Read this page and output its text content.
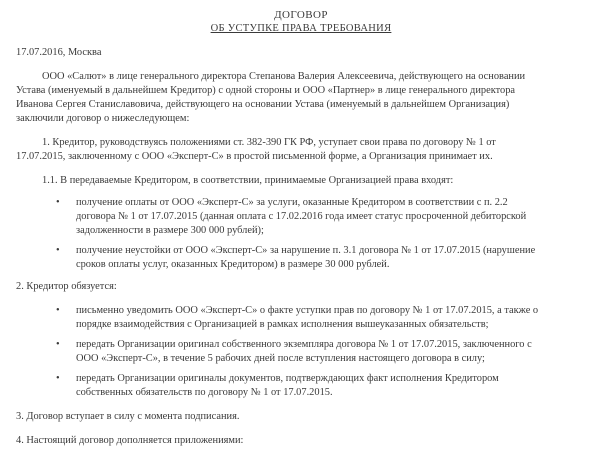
ДОГОВОР
ОБ УСТУПКЕ ПРАВА ТРЕБОВАНИЯ
17.07.2016, Москва
ООО «Салют» в лице генерального директора Степанова Валерия Алексеевича, действующего на основании
Устава (именуемый в дальнейшем Кредитор) с одной стороны и ООО «Партнер» в лице генерального директора
Иванова Сергея Станиславовича, действующего на основании Устава (именуемый в дальнейшем Организация)
заключили договор о нижеследующем:
1. Кредитор, руководствуясь положениями ст. 382-390 ГК РФ, уступает свои права по договору № 1 от
17.07.2015, заключенному с ООО «Эксперт-С» в простой письменной форме, а Организация принимает их.
1.1. В передаваемые Кредитором, в соответствии, принимаемые Организацией права входят:
• получение оплаты от ООО «Эксперт-С» за услуги, оказанные Кредитором в соответствии с п. 2.2
договора № 1 от 17.07.2015 (данная оплата с 17.02.2016 года имеет статус просроченной дебиторской
задолженности в размере 300 000 рублей);
• получение неустойки от ООО «Эксперт-С» за нарушение п. 3.1 договора № 1 от 17.07.2015 (нарушение
сроков оплаты услуг, оказанных Кредитором) в размере 30 000 рублей.
2. Кредитор обязуется:
• письменно уведомить ООО «Эксперт-С» о факте уступки прав по договору № 1 от 17.07.2015, а также о
порядке взаимодействия с Организацией в рамках исполнения вышеуказанных обязательств;
• передать Организации оригинал собственного экземпляра договора № 1 от 17.07.2015, заключенного с
ООО «Эксперт-С», в течение 5 рабочих дней после вступления настоящего договора в силу;
• передать Организации оригиналы документов, подтверждающих факт исполнения Кредитором
собственных обязательств по договору № 1 от 17.07.2015.
3. Договор вступает в силу с момента подписания.
4. Настоящий договор дополняется приложениями:
